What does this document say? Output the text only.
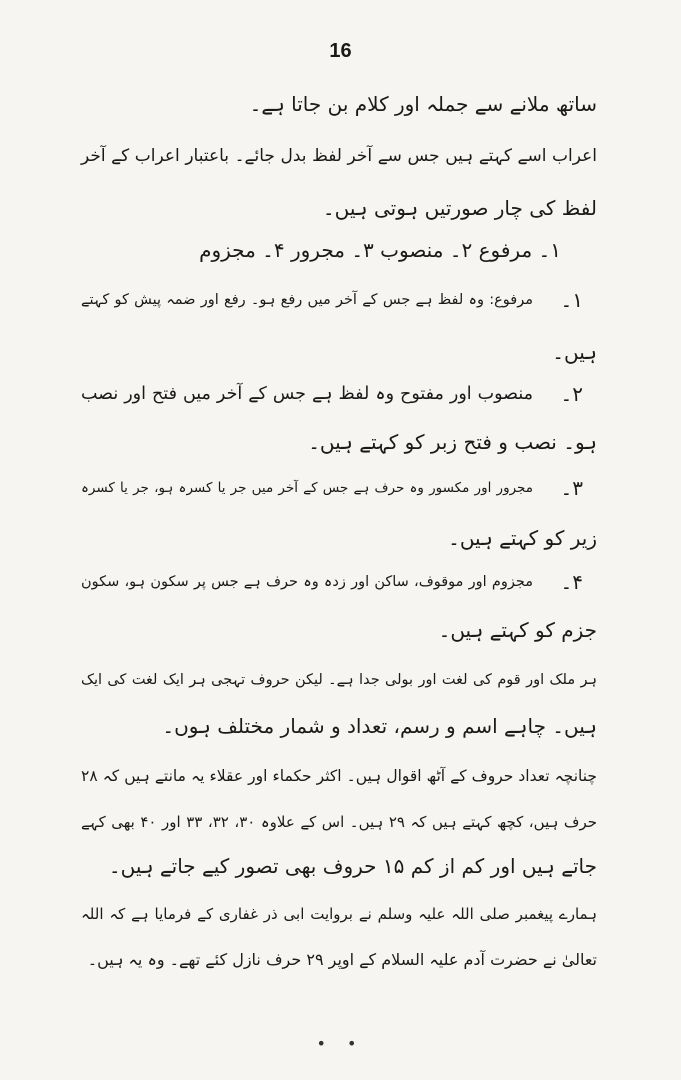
16
ساتھ ملانے سے جملہ اور کلام بن جاتا ہے۔
اعراب اسے کہتے ہیں جس سے آخر لفظ بدل جائے۔ باعتبار اعراب کے آخر
لفظ کی چار صورتیں ہوتی ہیں۔
۱۔ مرفوع ۲۔ منصوب ۳۔ مجرور ۴۔ مجزوم
۱۔
مرفوع: وہ لفظ ہے جس کے آخر میں رفع ہو۔ رفع اور ضمہ پیش کو کہتے
ہیں۔
۲۔
منصوب اور مفتوح وہ لفظ ہے جس کے آخر میں فتح اور نصب
ہو۔ نصب و فتح زبر کو کہتے ہیں۔
۳۔
مجرور اور مکسور وہ حرف ہے جس کے آخر میں جر یا کسرہ ہو، جر یا کسرہ
زیر کو کہتے ہیں۔
۴۔
مجزوم اور موقوف، ساکن اور زدہ وہ حرف ہے جس پر سکون ہو، سکون
جزم کو کہتے ہیں۔
ہر ملک اور قوم کی لغت اور بولی جدا ہے۔ لیکن حروف تہجی ہر ایک لغت کی ایک
ہیں۔ چاہے اسم و رسم، تعداد و شمار مختلف ہوں۔
چنانچہ تعداد حروف کے آٹھ اقوال ہیں۔ اکثر حکماء اور عقلاء یہ مانتے ہیں کہ ۲۸
حرف ہیں، کچھ کہتے ہیں کہ ۲۹ ہیں۔ اس کے علاوہ ۳۰، ۳۲، ۳۳ اور ۴۰ بھی کہے
جاتے ہیں اور کم از کم ۱۵ حروف بھی تصور کیے جاتے ہیں۔
ہمارے پیغمبر صلی اللہ علیہ وسلم نے بروایت ابی ذر غفاری کے فرمایا ہے کہ اللہ
تعالیٰ نے حضرت آدم علیہ السلام کے اوپر ۲۹ حرف نازل کئے تھے۔ وہ یہ ہیں۔
• •
